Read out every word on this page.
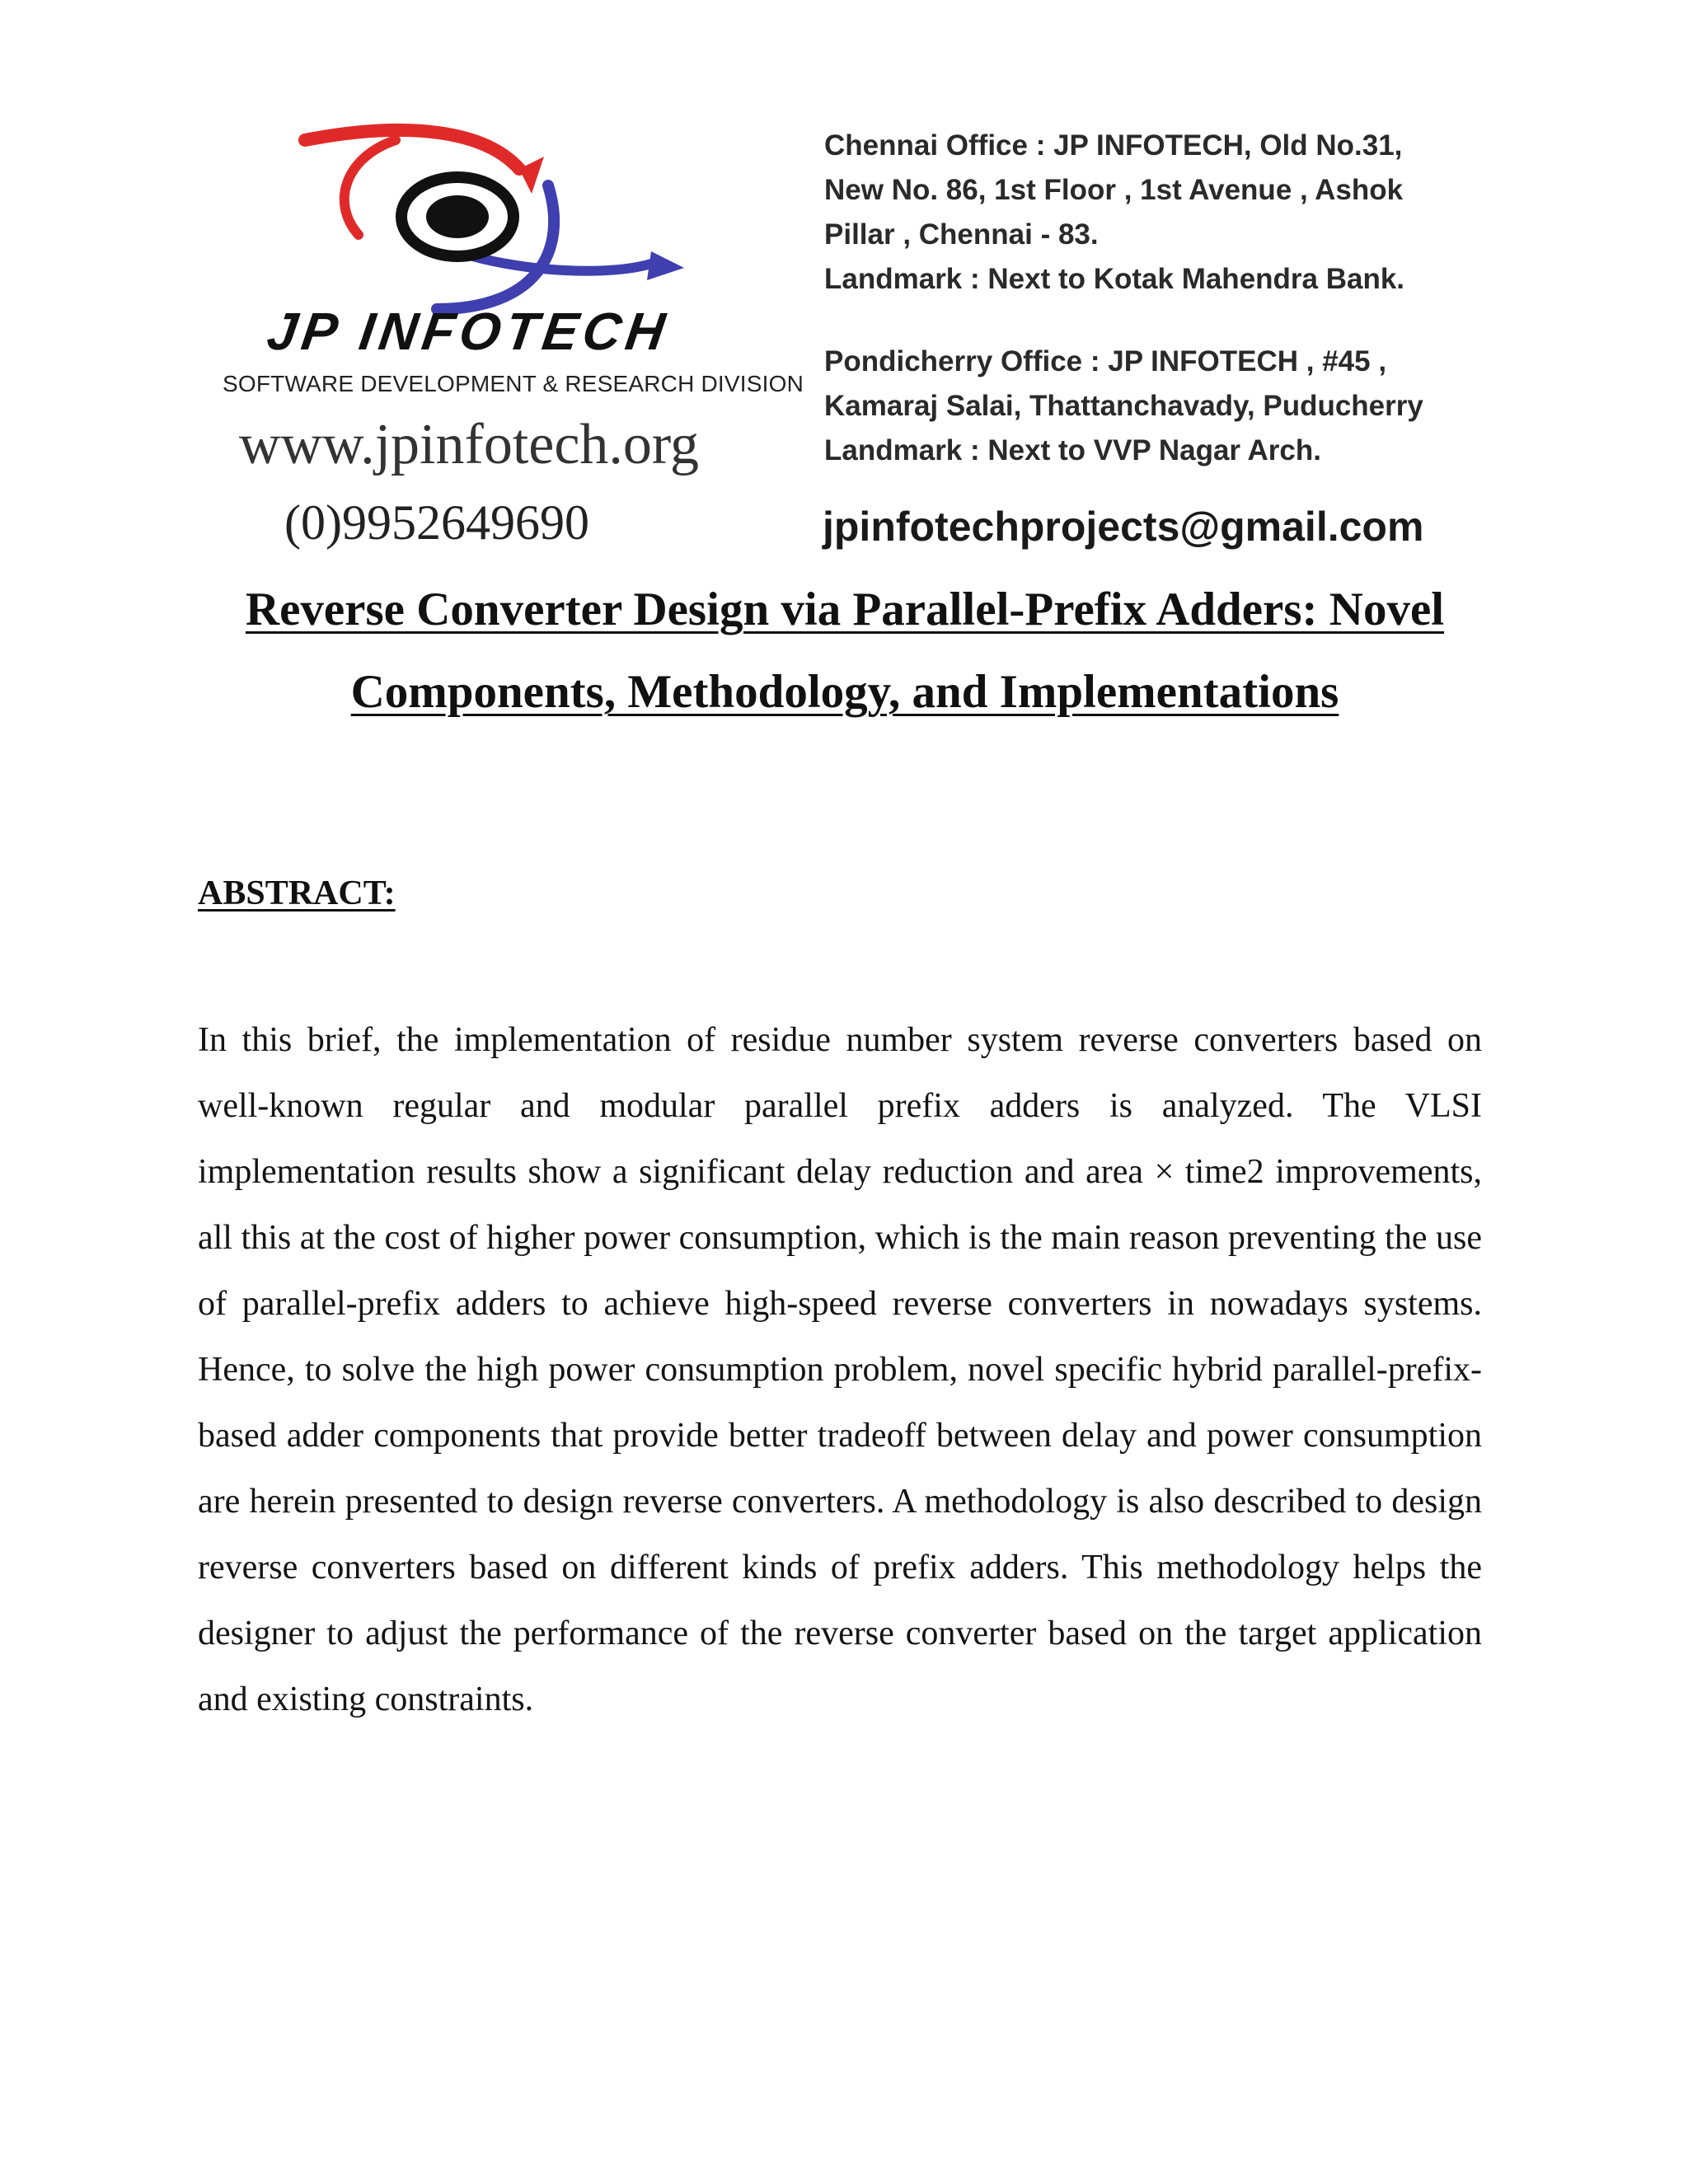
JP INFOTECH
SOFTWARE DEVELOPMENT & RESEARCH DIVISION
www.jpinfotech.org
(0)9952649690
Chennai Office : JP INFOTECH, Old No.31,
New No. 86, 1st Floor , 1st Avenue , Ashok
Pillar , Chennai - 83.
Landmark : Next to Kotak Mahendra Bank.
Pondicherry Office : JP INFOTECH , #45 ,
Kamaraj Salai, Thattanchavady, Puducherry
Landmark : Next to VVP Nagar Arch.
jpinfotechprojects@gmail.com
Reverse Converter Design via Parallel-Prefix Adders: Novel
Components, Methodology, and Implementations
ABSTRACT:
In this brief, the implementation of residue number system reverse converters based on well-known regular and modular parallel prefix adders is analyzed. The VLSI implementation results show a significant delay reduction and area × time2 improvements, all this at the cost of higher power consumption, which is the main reason preventing the use of parallel-prefix adders to achieve high-speed reverse converters in nowadays systems. Hence, to solve the high power consumption problem, novel specific hybrid parallel-prefix-based adder components that provide better tradeoff between delay and power consumption are herein presented to design reverse converters. A methodology is also described to design reverse converters based on different kinds of prefix adders. This methodology helps the designer to adjust the performance of the reverse converter based on the target application and existing constraints.
